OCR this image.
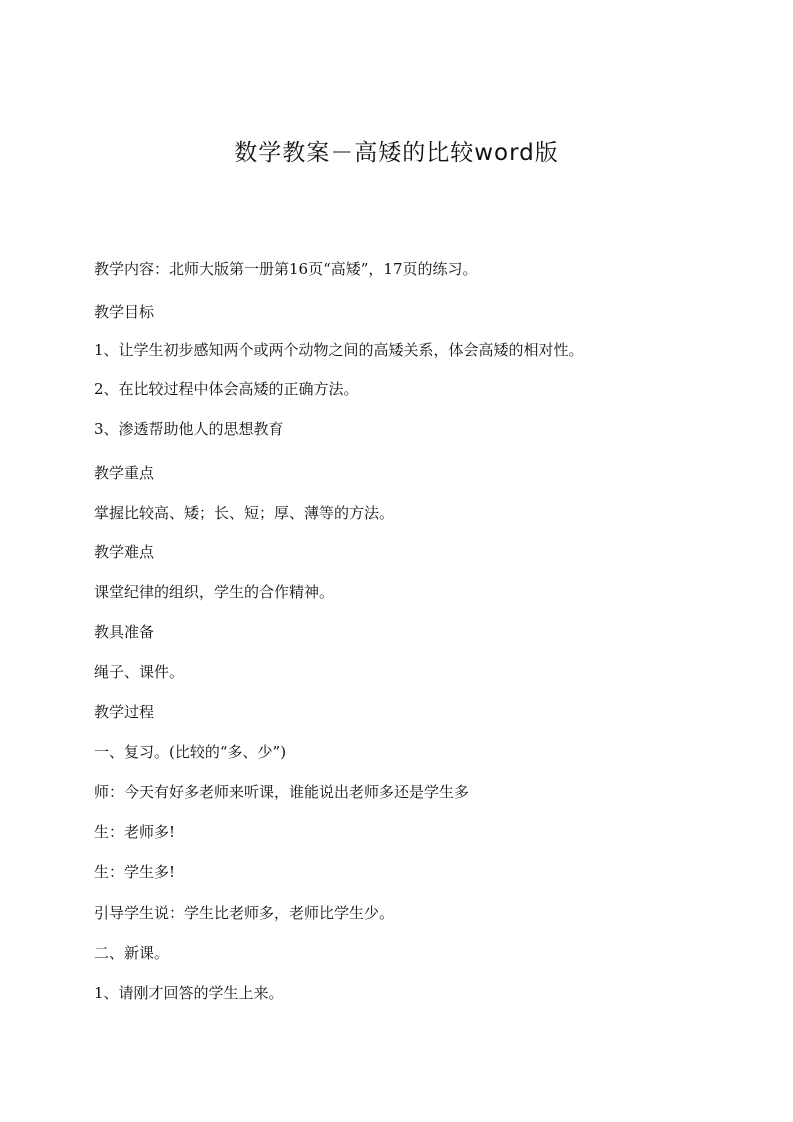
数学教案－高矮的比较word版

教学内容：北师大版第一册第16页“高矮”，17页的练习。

教学目标

1、让学生初步感知两个或两个动物之间的高矮关系，体会高矮的相对性。

2、在比较过程中体会高矮的正确方法。

3、渗透帮助他人的思想教育

教学重点

掌握比较高、矮；长、短；厚、薄等的方法。

教学难点

课堂纪律的组织，学生的合作精神。

教具准备

绳子、课件。

教学过程

一、复习。(比较的“多、少”)

师：今天有好多老师来听课，谁能说出老师多还是学生多

生：老师多!

生：学生多!

引导学生说：学生比老师多，老师比学生少。

二、新课。

1、请刚才回答的学生上来。
